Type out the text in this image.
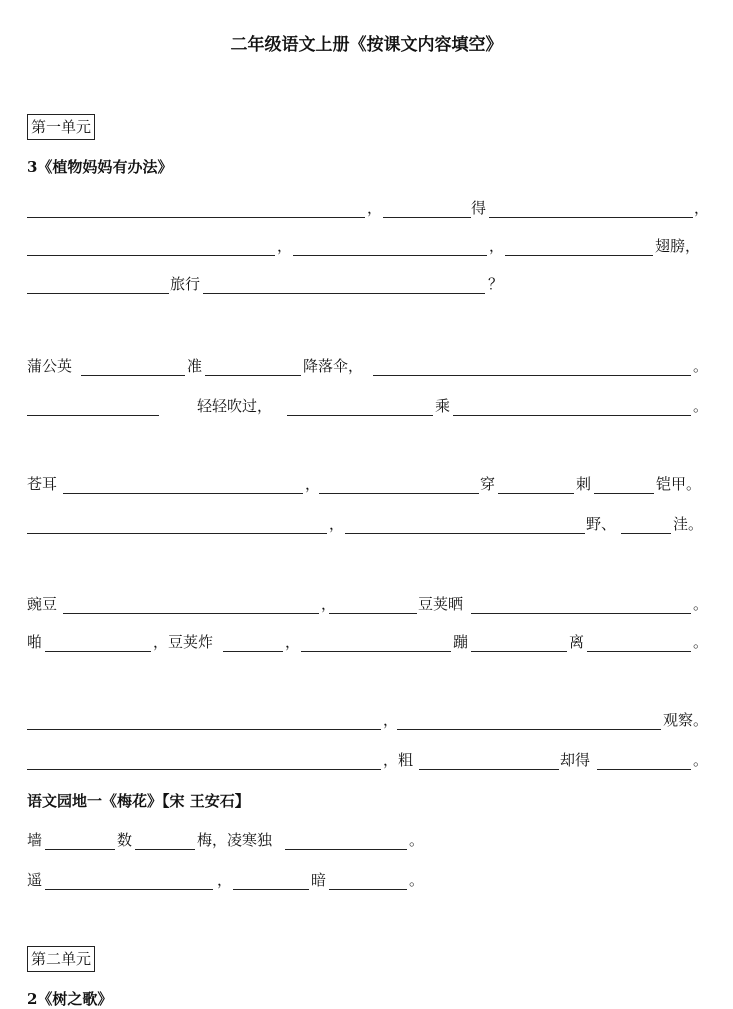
二年级语文上册《按课文内容填空》
第一单元
3《植物妈妈有办法》
，	得	，
，	，	翅膀，
旅行	？
蒲公英	准	降落伞，	。
轻轻吹过，	乘	。
苍耳	，	穿	刺	铠甲。
，	野、	洼。
豌豆	，	豆荚晒	。
啪	，豆荚炸	，	蹦	离	。
，	观察。
，粗	却得	。
语文园地一《梅花》【宋 王安石】
墙	数	梅，凌寒独	。
遥	，	暗	。
第二单元
2《树之歌》
